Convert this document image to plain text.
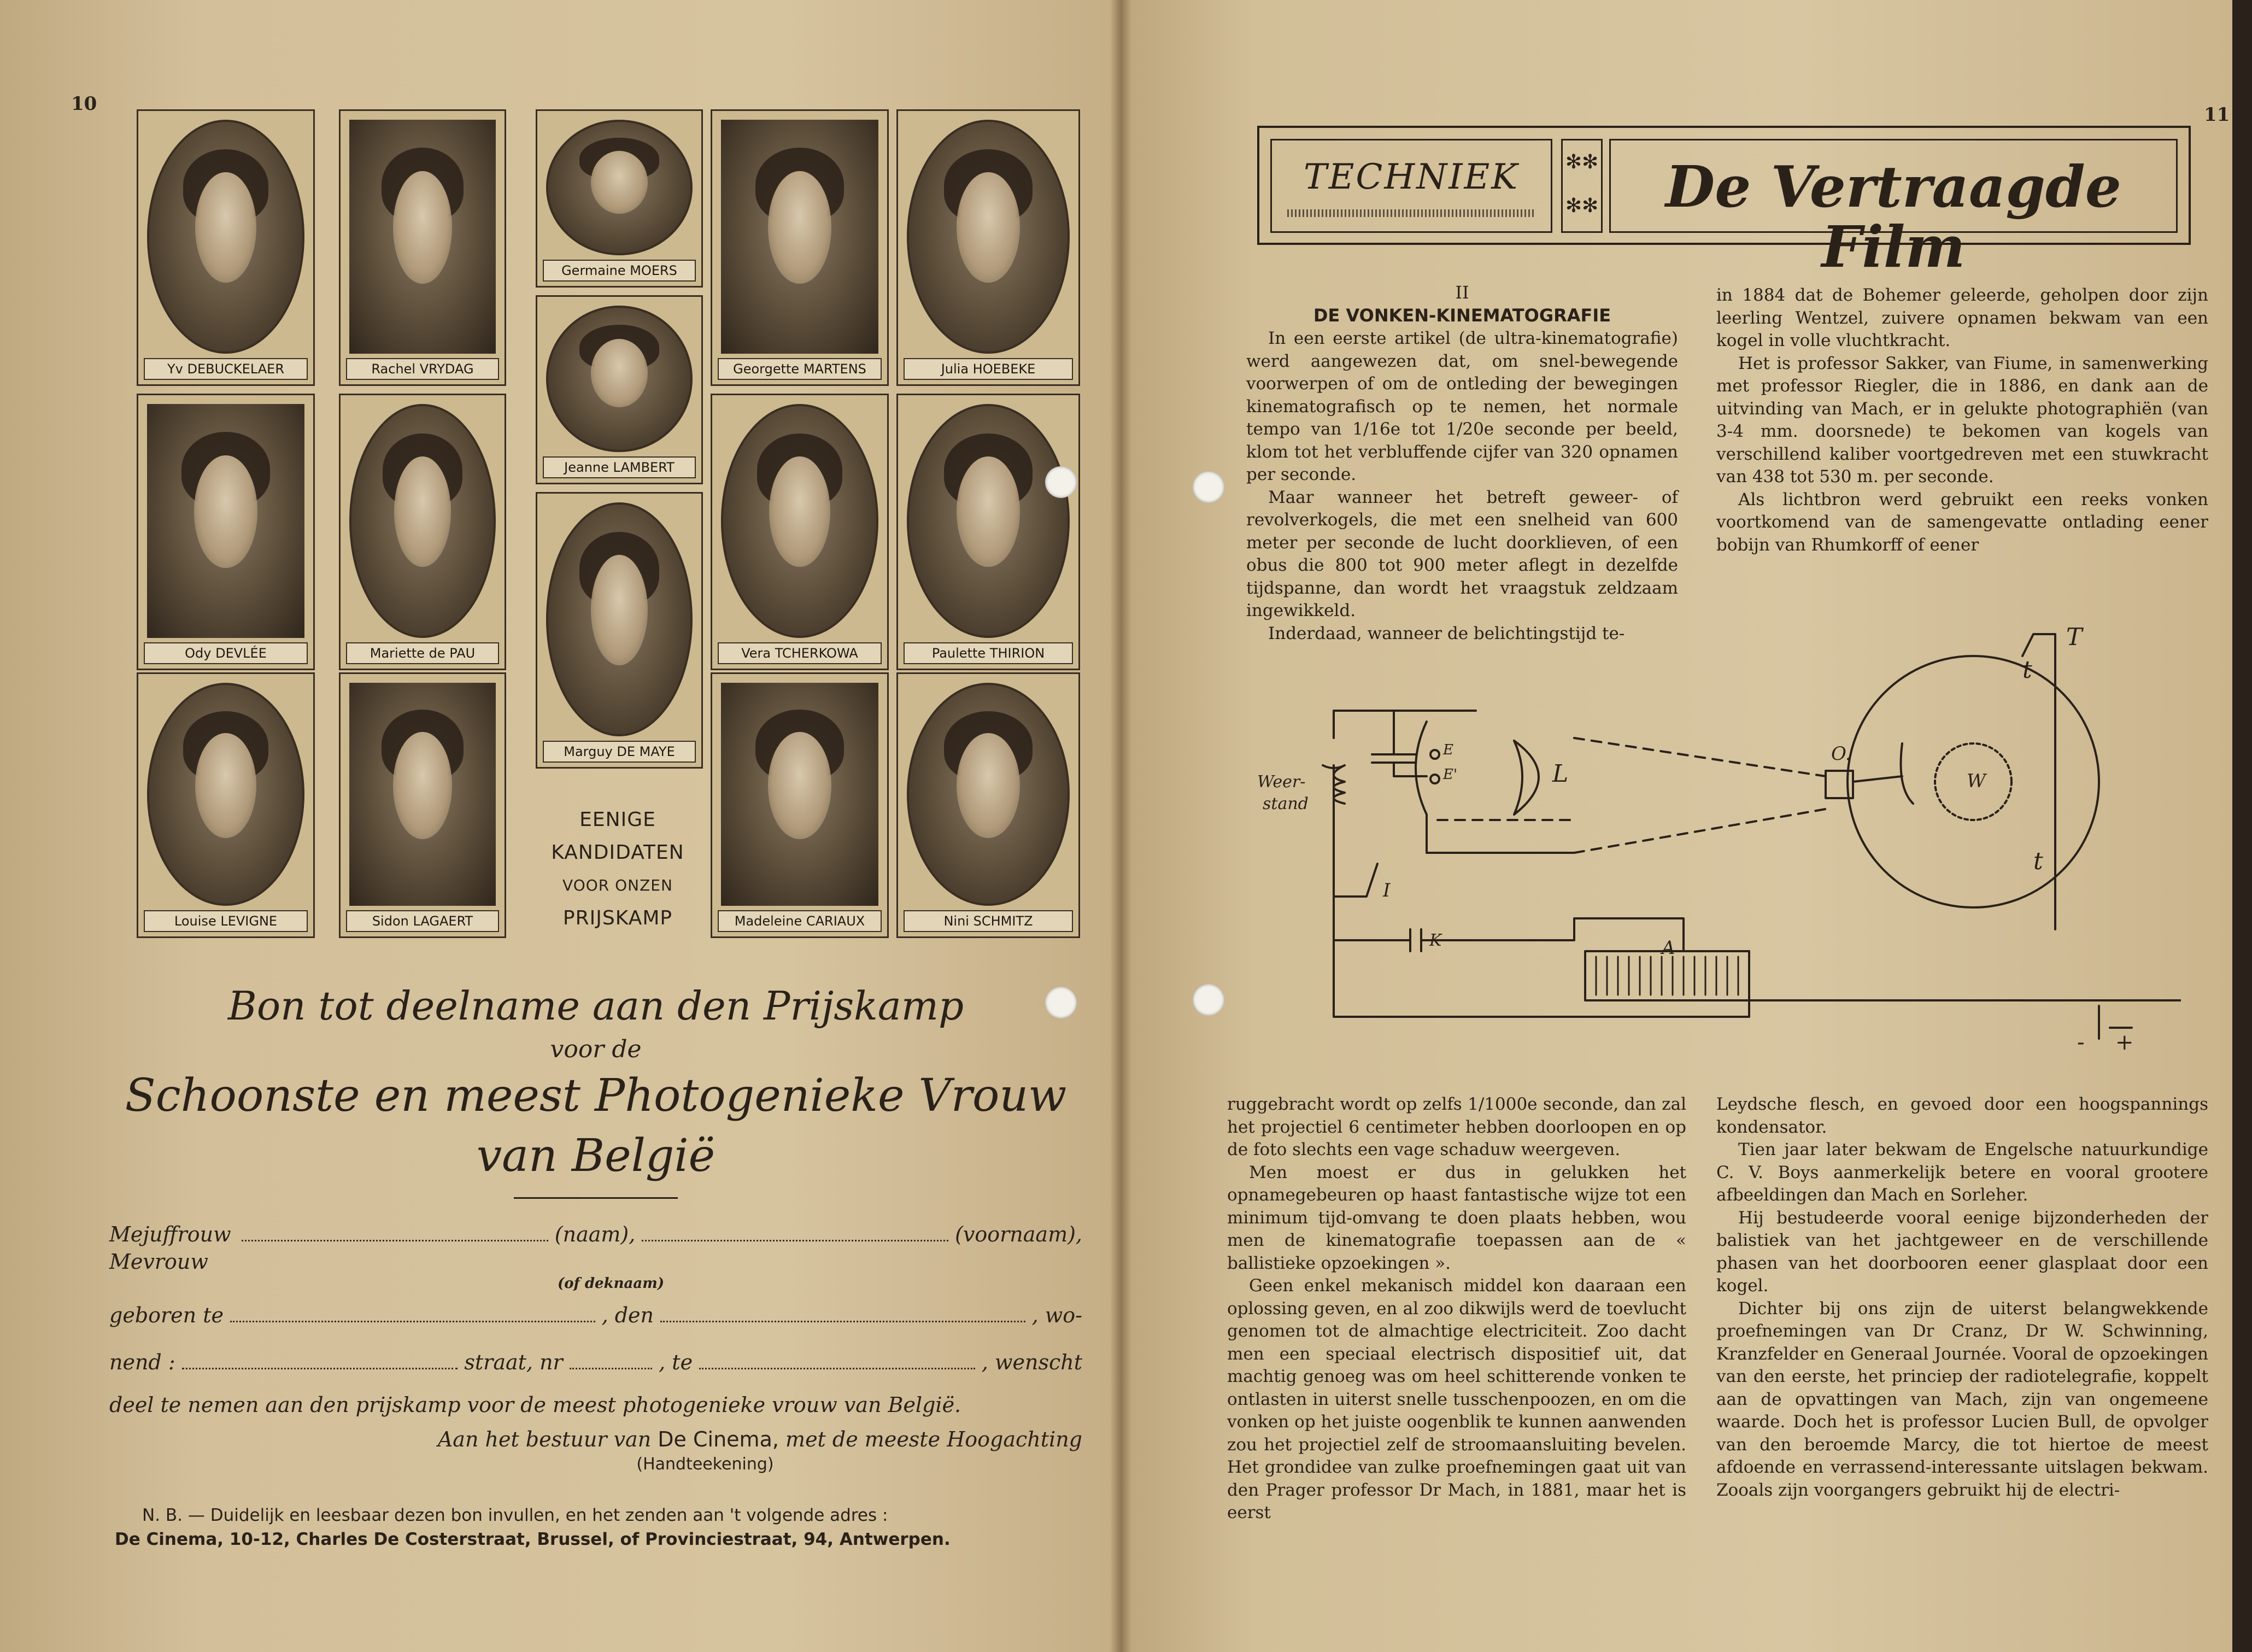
10
Yv DEBUCKELAER	Rachel VRYDAG
Germaine MOERS
Georgette MARTENS	Julia HOEBEKE
Jeanne LAMBERT
Ody DEVLÉE	Mariette de PAU	Vera TCHERKOWA	Paulette THIRION
Marguy DE MAYE
Louise LEVIGNE	Sidon LAGAERT	Madeleine CARIAUX	Nini SCHMITZ
EENIGE
KANDIDATEN
VOOR ONZEN
PRIJSKAMP
Bon tot deelname aan den Prijskamp
voor de
Schoonste en meest Photogenieke Vrouw van België
Mejuffrouw
Mevrouw
(naam),	(voornaam),
(of deknaam)
geboren te	, den	, wo-
nend :	straat, nr	, te	, wenscht
deel te nemen aan den prijskamp voor de meest photogenieke vrouw van België.
Aan het bestuur van De Cinema, met de meeste Hoogachting
(Handteekening)
N. B. — Duidelijk en leesbaar dezen bon invullen, en het zenden aan 't volgende adres :
De Cinema, 10-12, Charles De Costerstraat, Brussel, of Provinciestraat, 94, Antwerpen.
11
TECHNIEK	✻✻
✻✻	De Vertraagde Film
II
DE VONKEN-KINEMATOGRAFIE

In een eerste artikel (de ultra-kinematografie) werd aangewezen dat, om snel-bewegende voorwerpen of om de ontleding der bewegingen kinematografisch op te nemen, het normale tempo van 1/16e tot 1/20e seconde per beeld, klom tot het verbluffende cijfer van 320 opnamen per seconde.

Maar wanneer het betreft geweer- of revolverkogels, die met een snelheid van 600 meter per seconde de lucht doorklieven, of een obus die 800 tot 900 meter aflegt in dezelfde tijdspanne, dan wordt het vraagstuk zeldzaam ingewikkeld.

Inderdaad, wanneer de belichtingstijd te-

in 1884 dat de Bohemer geleerde, geholpen door zijn leerling Wentzel, zuivere opnamen bekwam van een kogel in volle vluchtkracht.

Het is professor Sakker, van Fiume, in samenwerking met professor Riegler, die in 1886, en dank aan de uitvinding van Mach, er in gelukte photographiën (van 3-4 mm. doorsnede) te bekomen van kogels van verschillend kaliber voortgedreven met een stuwkracht van 438 tot 530 m. per seconde.

Als lichtbron werd gebruikt een reeks vonken voortkomend van de samengevatte ontlading eener bobijn van Rhumkorff of eener

ruggebracht wordt op zelfs 1/1000e seconde, dan zal het projectiel 6 centimeter hebben doorloopen en op de foto slechts een vage schaduw weergeven.

Men moest er dus in gelukken het opnamegebeuren op haast fantastische wijze tot een minimum tijd-omvang te doen plaats hebben, wou men de kinematografie toepassen aan de « ballistieke opzoekingen ».

Geen enkel mekanisch middel kon daaraan een oplossing geven, en al zoo dikwijls werd de toevlucht genomen tot de almachtige electriciteit. Zoo dacht men een speciaal electrisch dispositief uit, dat machtig genoeg was om heel schitterende vonken te ontlasten in uiterst snelle tusschenpoozen, en om die vonken op het juiste oogenblik te kunnen aanwenden zou het projectiel zelf de stroomaansluiting bevelen. Het grondidee van zulke proefnemingen gaat uit van den Prager professor Dr Mach, in 1881, maar het is eerst

Leydsche flesch, en gevoed door een hoogspannings kondensator.

Tien jaar later bekwam de Engelsche natuurkundige C. V. Boys aanmerkelijk betere en vooral grootere afbeeldingen dan Mach en Sorleher.

Hij bestudeerde vooral eenige bijzonderheden der balistiek van het jachtgeweer en de verschillende phasen van het doorbooren eener glasplaat door een kogel.

Dichter bij ons zijn de uiterst belangwekkende proefnemingen van Dr Cranz, Dr W. Schwinning, Kranzfelder en Generaal Journée. Vooral de opzoekingen van den eerste, het princiep der radiotelegrafie, koppelt aan de opvattingen van Mach, zijn van ongemeene waarde. Doch het is professor Lucien Bull, de opvolger van den beroemde Marcy, die tot hiertoe de meest afdoende en verrassend-interessante uitslagen bekwam. Zooals zijn voorgangers gebruikt hij de electri-

E
E'	L
O.
W
T
t
t
I
K	A
Weer-
stand
- +
